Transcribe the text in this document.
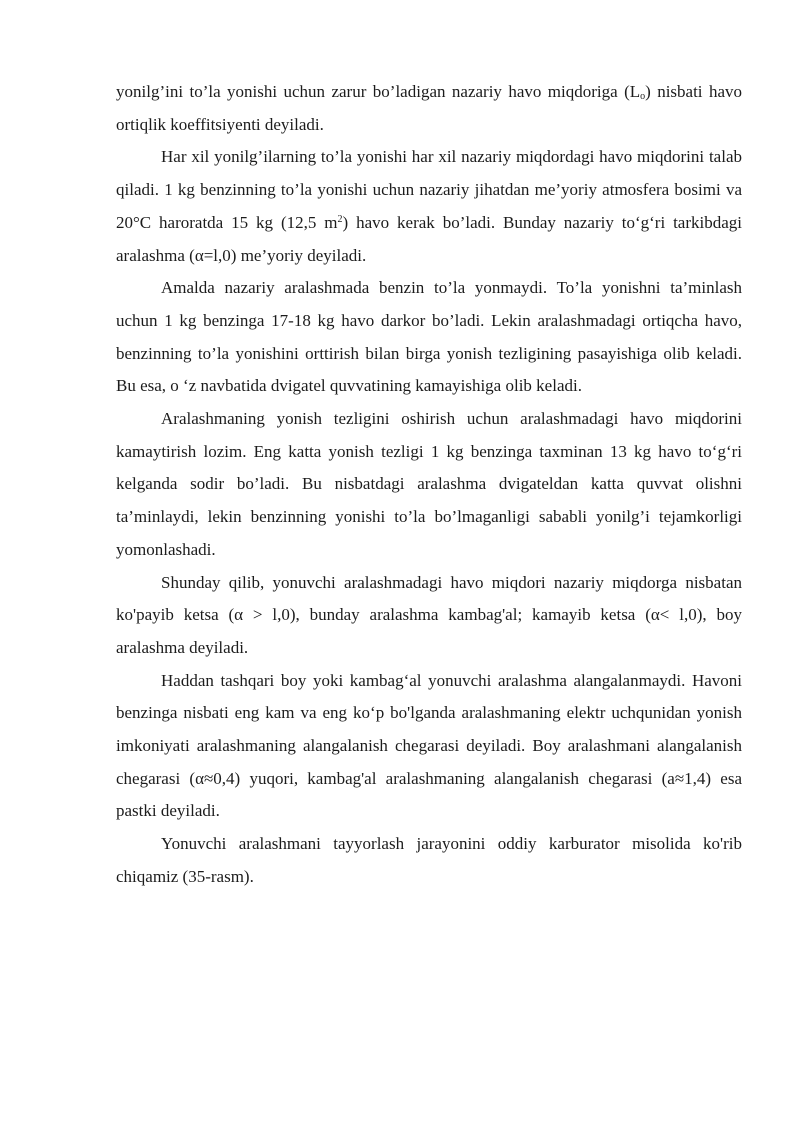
yonilg’ini to’la yonishi uchun zarur bo’ladigan nazariy havo miqdoriga $(L_o)$ nisbati havo ortiqlik koeffitsiyenti deyiladi.

Har xil yonilg’ilarning to’la yonishi har xil nazariy miqdordagi havo miqdorini talab qiladi. 1 kg benzinning to’la yonishi uchun nazariy jihatdan me’yoriy atmosfera bosimi va 20°C haroratda 15 kg (12,5 $m^2$) havo kerak bo’ladi. Bunday nazariy to‘g‘ri tarkibdagi aralashma (α=l,0) me’yoriy deyiladi.

Amalda nazariy aralashmada benzin to’la yonmaydi. To’la yonishni ta’minlash uchun 1 kg benzinga 17-18 kg havo darkor bo’ladi. Lekin aralashmadagi ortiqcha havo, benzinning to’la yonishini orttirish bilan birga yonish tezligining pasayishiga olib keladi. Bu esa, o ‘z navbatida dvigatel quvvatining kamayishiga olib keladi.

Aralashmaning yonish tezligini oshirish uchun aralashmadagi havo miqdorini kamaytirish lozim. Eng katta yonish tezligi 1 kg benzinga taxminan 13 kg havo to‘g‘ri kelganda sodir bo’ladi. Bu nisbatdagi aralashma dvigateldan katta quvvat olishni ta’minlaydi, lekin benzinning yonishi to’la bo’lmaganligi sababli yonilg’i tejamkorligi yomonlashadi.

Shunday qilib, yonuvchi aralashmadagi havo miqdori nazariy miqdorga nisbatan ko'payib ketsa (α > l,0), bunday aralashma kambag'al; kamayib ketsa (α< l,0), boy aralashma deyiladi.

Haddan tashqari boy yoki kambag‘al yonuvchi aralashma alangalanmaydi. Havoni benzinga nisbati eng kam va eng ko‘p bo'lganda aralashmaning elektr uchqunidan yonish imkoniyati aralashmaning alangalanish chegarasi deyiladi. Boy aralashmani alangalanish chegarasi (α≈0,4) yuqori, kambag'al aralashmaning alangalanish chegarasi (a≈1,4) esa pastki deyiladi.

Yonuvchi aralashmani tayyorlash jarayonini oddiy karburator misolida ko'rib chiqamiz (35-rasm).
